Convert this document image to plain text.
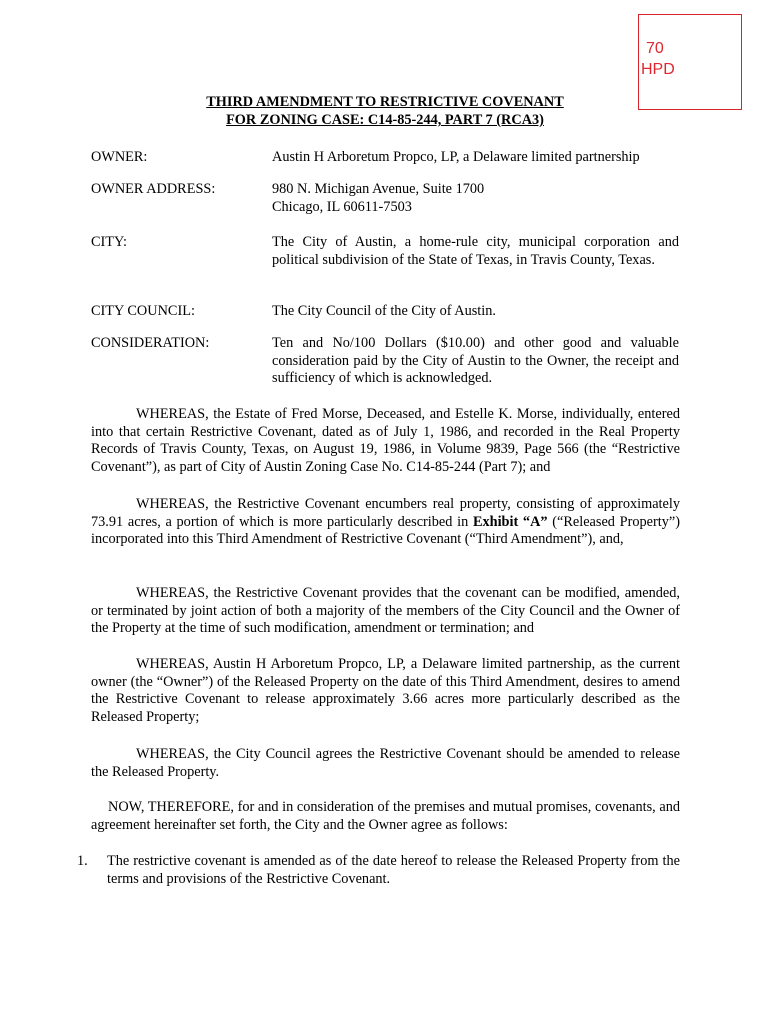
70
HPD
THIRD AMENDMENT TO RESTRICTIVE COVENANT
FOR ZONING CASE: C14-85-244, PART 7 (RCA3)
OWNER:	Austin H Arboretum Propco, LP, a Delaware limited partnership
OWNER ADDRESS:	980 N. Michigan Avenue, Suite 1700
Chicago, IL 60611-7503
CITY:	The City of Austin, a home-rule city, municipal corporation and political subdivision of the State of Texas, in Travis County, Texas.
CITY COUNCIL:	The City Council of the City of Austin.
CONSIDERATION:	Ten and No/100 Dollars ($10.00) and other good and valuable consideration paid by the City of Austin to the Owner, the receipt and sufficiency of which is acknowledged.
WHEREAS, the Estate of Fred Morse, Deceased, and Estelle K. Morse, individually, entered into that certain Restrictive Covenant, dated as of July 1, 1986, and recorded in the Real Property Records of Travis County, Texas, on August 19, 1986, in Volume 9839, Page 566 (the “Restrictive Covenant”), as part of City of Austin Zoning Case No. C14-85-244 (Part 7); and
WHEREAS, the Restrictive Covenant encumbers real property, consisting of approximately 73.91 acres, a portion of which is more particularly described in Exhibit “A” (“Released Property”) incorporated into this Third Amendment of Restrictive Covenant (“Third Amendment”), and,
WHEREAS, the Restrictive Covenant provides that the covenant can be modified, amended, or terminated by joint action of both a majority of the members of the City Council and the Owner of the Property at the time of such modification, amendment or termination; and
WHEREAS, Austin H Arboretum Propco, LP, a Delaware limited partnership, as the current owner (the “Owner”) of the Released Property on the date of this Third Amendment, desires to amend the Restrictive Covenant to release approximately 3.66 acres more particularly described as the Released Property;
WHEREAS, the City Council agrees the Restrictive Covenant should be amended to release the Released Property.
NOW, THEREFORE, for and in consideration of the premises and mutual promises, covenants, and agreement hereinafter set forth, the City and the Owner agree as follows:
1. The restrictive covenant is amended as of the date hereof to release the Released Property from the terms and provisions of the Restrictive Covenant.
